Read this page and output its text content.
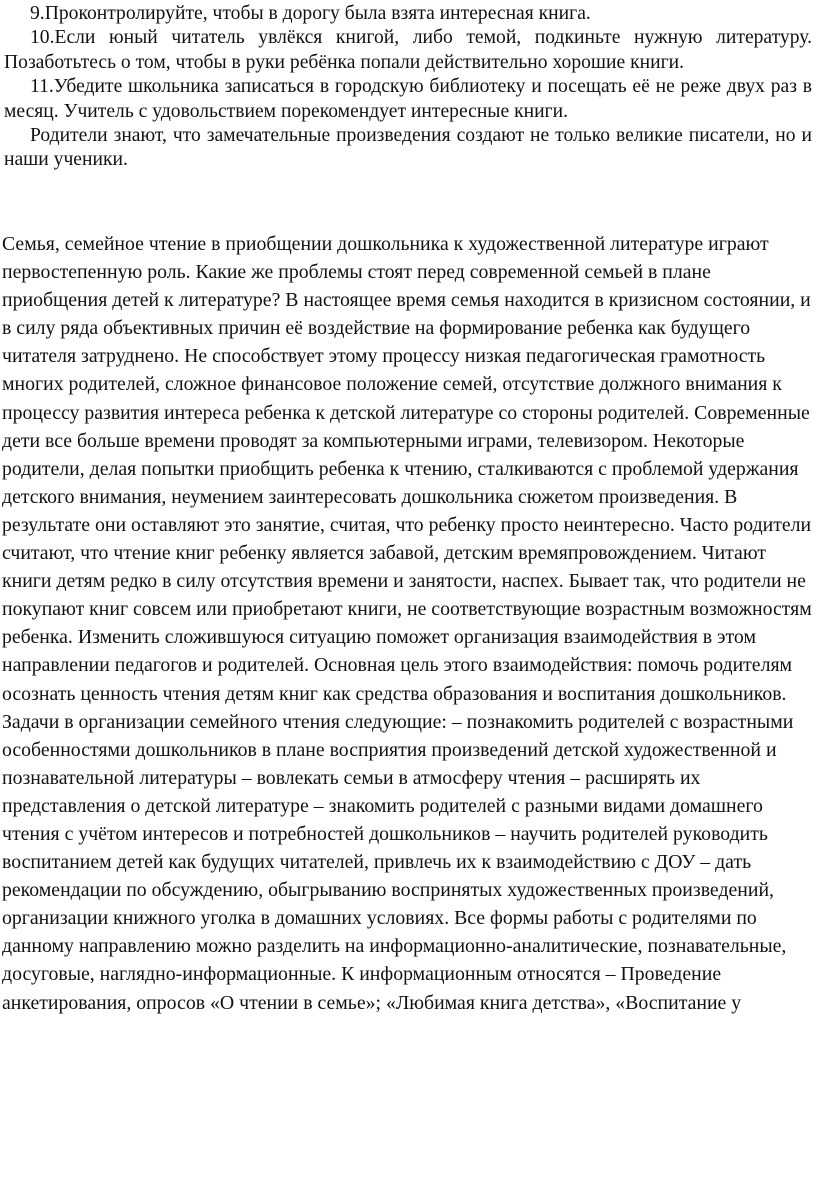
9.Проконтролируйте, чтобы в дорогу была взята интересная книга.

10.Если юный читатель увлёкся книгой, либо темой, подкиньте нужную литературу. Позаботьтесь о том, чтобы в руки ребёнка попали действительно хорошие книги.

11.Убедите школьника записаться в городскую библиотеку и посещать её не реже двух раз в месяц. Учитель с удовольствием порекомендует интересные книги.

Родители знают, что замечательные произведения создают не только великие писатели, но и наши ученики.

Семья, семейное чтение в приобщении дошкольника к художественной литературе играют первостепенную роль. Какие же проблемы стоят перед современной семьей в плане приобщения детей к литературе? В настоящее время семья находится в кризисном состоянии, и в силу ряда объективных причин её воздействие на формирование ребенка как будущего читателя затруднено. Не способствует этому процессу низкая педагогическая грамотность многих родителей, сложное финансовое положение семей, отсутствие должного внимания к процессу развития интереса ребенка к детской литературе со стороны родителей. Современные дети все больше времени проводят за компьютерными играми, телевизором. Некоторые родители, делая попытки приобщить ребенка к чтению, сталкиваются с проблемой удержания детского внимания, неумением заинтересовать дошкольника сюжетом произведения. В результате они оставляют это занятие, считая, что ребенку просто неинтересно. Часто родители считают, что чтение книг ребенку является забавой, детским времяпровождением. Читают книги детям редко в силу отсутствия времени и занятости, наспех. Бывает так, что родители не покупают книг совсем или приобретают книги, не соответствующие возрастным возможностям ребенка. Изменить сложившуюся ситуацию поможет организация взаимодействия в этом направлении педагогов и родителей. Основная цель этого взаимодействия: помочь родителям осознать ценность чтения детям книг как средства образования и воспитания дошкольников. Задачи в организации семейного чтения следующие: – познакомить родителей с возрастными особенностями дошкольников в плане восприятия произведений детской художественной и познавательной литературы – вовлекать семьи в атмосферу чтения – расширять их представления о детской литературе – знакомить родителей с разными видами домашнего чтения с учётом интересов и потребностей дошкольников – научить родителей руководить воспитанием детей как будущих читателей, привлечь их к взаимодействию с ДОУ – дать рекомендации по обсуждению, обыгрыванию воспринятых художественных произведений, организации книжного уголка в домашних условиях. Все формы работы с родителями по данному направлению можно разделить на информационно-аналитические, познавательные, досуговые, наглядно-информационные. К информационным относятся – Проведение анкетирования, опросов «О чтении в семье»; «Любимая книга детства», «Воспитание у
